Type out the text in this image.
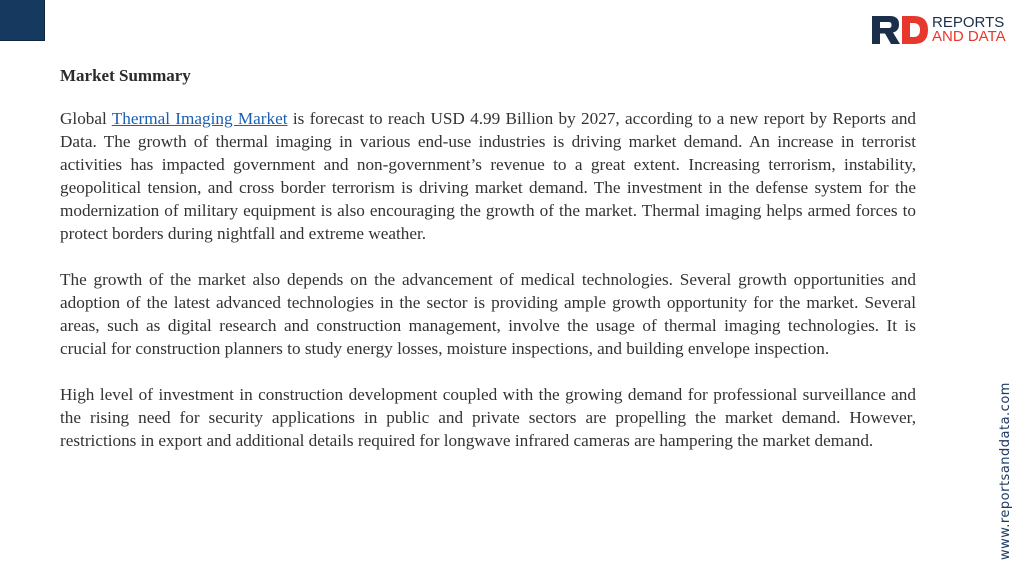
REPORTS
AND DATA
Market Summary

Global Thermal Imaging Market is forecast to reach USD 4.99 Billion by 2027, according to a new report by Reports and Data. The growth of thermal imaging in various end-use industries is driving market demand. An increase in terrorist activities has impacted government and non-government’s revenue to a great extent. Increasing terrorism, instability, geopolitical tension, and cross border terrorism is driving market demand. The investment in the defense system for the modernization of military equipment is also encouraging the growth of the market. Thermal imaging helps armed forces to protect borders during nightfall and extreme weather.

The growth of the market also depends on the advancement of medical technologies. Several growth opportunities and adoption of the latest advanced technologies in the sector is providing ample growth opportunity for the market. Several areas, such as digital research and construction management, involve the usage of thermal imaging technologies. It is crucial for construction planners to study energy losses, moisture inspections, and building envelope inspection.

High level of investment in construction development coupled with the growing demand for professional surveillance and the rising need for security applications in public and private sectors are propelling the market demand. However, restrictions in export and additional details required for longwave infrared cameras are hampering the market demand.	www.reportsanddata.com
